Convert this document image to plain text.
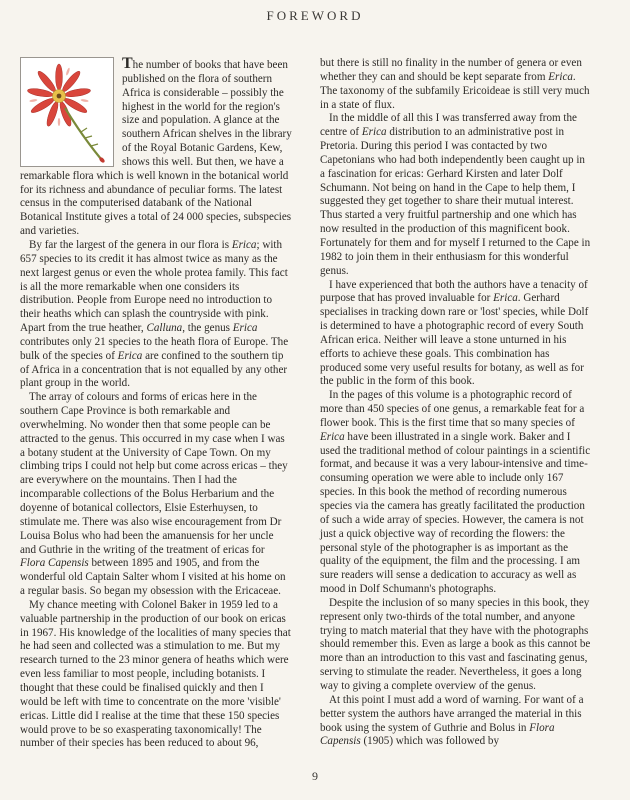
FOREWORD

The number of books that have been published on the flora of southern Africa is considerable – possibly the highest in the world for the region's size and population. A glance at the southern African shelves in the library of the Royal Botanic Gardens, Kew, shows this well. But then, we have a remarkable flora which is well known in the botanical world for its richness and abundance of peculiar forms. The latest census in the computerised databank of the National Botanical Institute gives a total of 24 000 species, subspecies and varieties.

By far the largest of the genera in our flora is Erica; with 657 species to its credit it has almost twice as many as the next largest genus or even the whole protea family. This fact is all the more remarkable when one considers its distribution. People from Europe need no introduction to their heaths which can splash the countryside with pink. Apart from the true heather, Calluna, the genus Erica contributes only 21 species to the heath flora of Europe. The bulk of the species of Erica are confined to the southern tip of Africa in a concentration that is not equalled by any other plant group in the world.

The array of colours and forms of ericas here in the southern Cape Province is both remarkable and overwhelming. No wonder then that some people can be attracted to the genus. This occurred in my case when I was a botany student at the University of Cape Town. On my climbing trips I could not help but come across ericas – they are everywhere on the mountains. Then I had the incomparable collections of the Bolus Herbarium and the doyenne of botanical collectors, Elsie Esterhuysen, to stimulate me. There was also wise encouragement from Dr Louisa Bolus who had been the amanuensis for her uncle and Guthrie in the writing of the treatment of ericas for Flora Capensis between 1895 and 1905, and from the wonderful old Captain Salter whom I visited at his home on a regular basis. So began my obsession with the Ericaceae.

My chance meeting with Colonel Baker in 1959 led to a valuable partnership in the production of our book on ericas in 1967. His knowledge of the localities of many species that he had seen and collected was a stimulation to me. But my research turned to the 23 minor genera of heaths which were even less familiar to most people, including botanists. I thought that these could be finalised quickly and then I would be left with time to concentrate on the more 'visible' ericas. Little did I realise at the time that these 150 species would prove to be so exasperating taxonomically! The number of their species has been reduced to about 96,

but there is still no finality in the number of genera or even whether they can and should be kept separate from Erica. The taxonomy of the subfamily Ericoideae is still very much in a state of flux.

In the middle of all this I was transferred away from the centre of Erica distribution to an administrative post in Pretoria. During this period I was contacted by two Capetonians who had both independently been caught up in a fascination for ericas: Gerhard Kirsten and later Dolf Schumann. Not being on hand in the Cape to help them, I suggested they get together to share their mutual interest. Thus started a very fruitful partnership and one which has now resulted in the production of this magnificent book. Fortunately for them and for myself I returned to the Cape in 1982 to join them in their enthusiasm for this wonderful genus.

I have experienced that both the authors have a tenacity of purpose that has proved invaluable for Erica. Gerhard specialises in tracking down rare or 'lost' species, while Dolf is determined to have a photographic record of every South African erica. Neither will leave a stone unturned in his efforts to achieve these goals. This combination has produced some very useful results for botany, as well as for the public in the form of this book.

In the pages of this volume is a photographic record of more than 450 species of one genus, a remarkable feat for a flower book. This is the first time that so many species of Erica have been illustrated in a single work. Baker and I used the traditional method of colour paintings in a scientific format, and because it was a very labour-intensive and time-consuming operation we were able to include only 167 species. In this book the method of recording numerous species via the camera has greatly facilitated the production of such a wide array of species. However, the camera is not just a quick objective way of recording the flowers: the personal style of the photographer is as important as the quality of the equipment, the film and the processing. I am sure readers will sense a dedication to accuracy as well as mood in Dolf Schumann's photographs.

Despite the inclusion of so many species in this book, they represent only two-thirds of the total number, and anyone trying to match material that they have with the photographs should remember this. Even as large a book as this cannot be more than an introduction to this vast and fascinating genus, serving to stimulate the reader. Nevertheless, it goes a long way to giving a complete overview of the genus.

At this point I must add a word of warning. For want of a better system the authors have arranged the material in this book using the system of Guthrie and Bolus in Flora Capensis (1905) which was followed by

9
